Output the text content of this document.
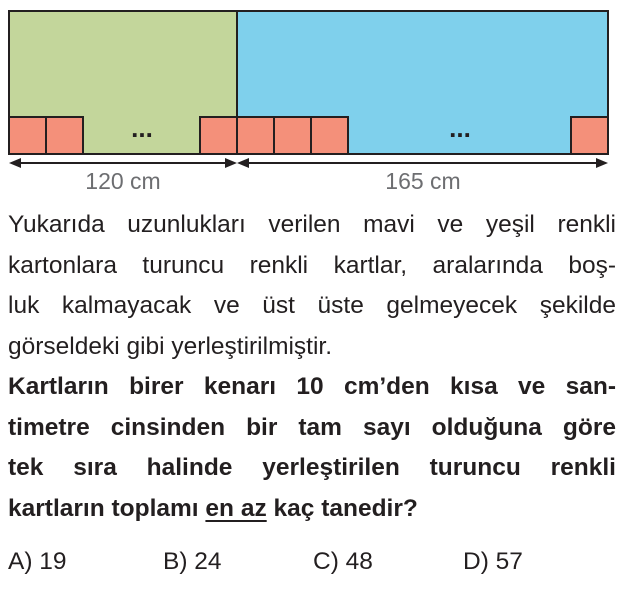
...	...
120 cm	165 cm
Yukarıda uzunlukları verilen mavi ve yeşil renkli
kartonlara turuncu renkli kartlar, aralarında boş-
luk kalmayacak ve üst üste gelmeyecek şekilde
görseldeki gibi yerleştirilmiştir.
Kartların birer kenarı 10 cm’den kısa ve san-
timetre cinsinden bir tam sayı olduğuna göre
tek sıra halinde yerleştirilen turuncu renkli
kartların toplamı en az kaç tanedir?
A) 19	B) 24	C) 48	D) 57
